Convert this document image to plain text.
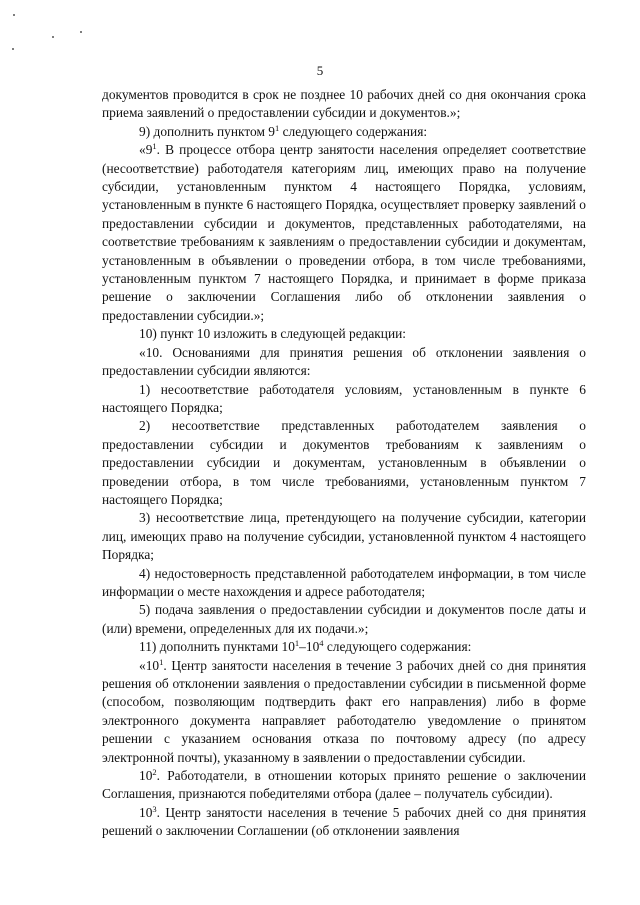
5

документов проводится в срок не позднее 10 рабочих дней со дня окончания срока приема заявлений о предоставлении субсидии и документов.»;

9) дополнить пунктом $9^1$ следующего содержания:

«$9^1$. В процессе отбора центр занятости населения определяет соответствие (несоответствие) работодателя категориям лиц, имеющих право на получение субсидии, установленным пунктом 4 настоящего Порядка, условиям, установленным в пункте 6 настоящего Порядка, осуществляет проверку заявлений о предоставлении субсидии и документов, представленных работодателями, на соответствие требованиям к заявлениям о предоставлении субсидии и документам, установленным в объявлении о проведении отбора, в том числе требованиями, установленным пунктом 7 настоящего Порядка, и принимает в форме приказа решение о заключении Соглашения либо об отклонении заявления о предоставлении субсидии.»;

10) пункт 10 изложить в следующей редакции:

«10. Основаниями для принятия решения об отклонении заявления о предоставлении субсидии являются:

1) несоответствие работодателя условиям, установленным в пункте 6 настоящего Порядка;

2) несоответствие представленных работодателем заявления о предоставлении субсидии и документов требованиям к заявлениям о предоставлении субсидии и документам, установленным в объявлении о проведении отбора, в том числе требованиями, установленным пунктом 7 настоящего Порядка;

3) несоответствие лица, претендующего на получение субсидии, категории лиц, имеющих право на получение субсидии, установленной пунктом 4 настоящего Порядка;

4) недостоверность представленной работодателем информации, в том числе информации о месте нахождения и адресе работодателя;

5) подача заявления о предоставлении субсидии и документов после даты и (или) времени, определенных для их подачи.»;

11) дополнить пунктами $10^1-10^4$ следующего содержания:

«$10^1$. Центр занятости населения в течение 3 рабочих дней со дня принятия решения об отклонении заявления о предоставлении субсидии в письменной форме (способом, позволяющим подтвердить факт его направления) либо в форме электронного документа направляет работодателю уведомление о принятом решении с указанием основания отказа по почтовому адресу (по адресу электронной почты), указанному в заявлении о предоставлении субсидии.

$10^2$. Работодатели, в отношении которых принято решение о заключении Соглашения, признаются победителями отбора (далее – получатель субсидии).

$10^3$. Центр занятости населения в течение 5 рабочих дней со дня принятия решений о заключении Соглашении (об отклонении заявления
